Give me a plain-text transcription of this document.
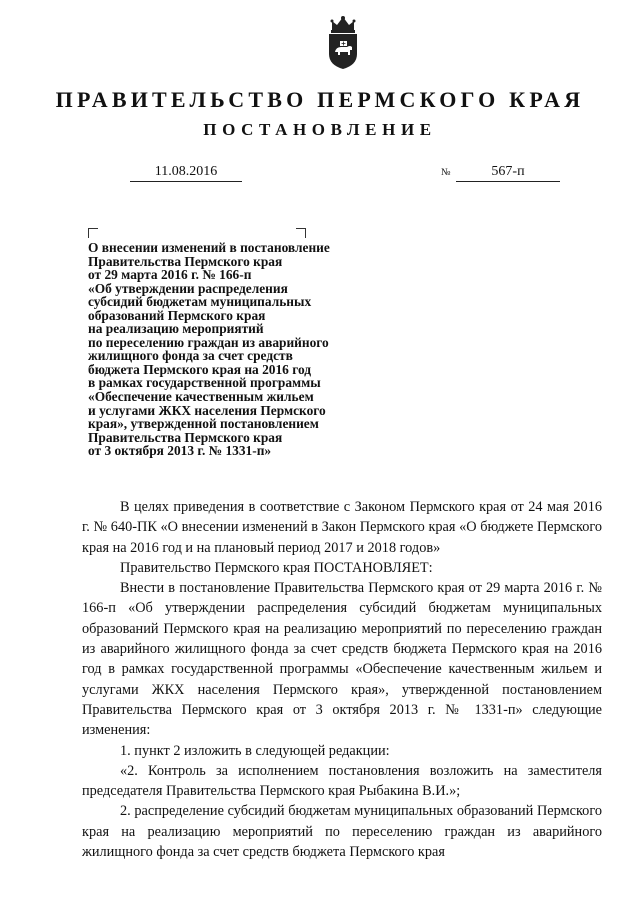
ПРАВИТЕЛЬСТВО ПЕРМСКОГО КРАЯ
ПОСТАНОВЛЕНИЕ
11.08.2016	№	567-п
О внесении изменений в постановление
Правительства Пермского края
от 29 марта 2016 г. № 166-п
«Об утверждении распределения
субсидий бюджетам муниципальных
образований Пермского края
на реализацию мероприятий
по переселению граждан из аварийного
жилищного фонда за счет средств
бюджета Пермского края на 2016 год
в рамках государственной программы
«Обеспечение качественным жильем
и услугами ЖКХ населения Пермского
края», утвержденной постановлением
Правительства Пермского края
от 3 октября 2013 г. № 1331-п»

В целях приведения в соответствие с Законом Пермского края от 24 мая 2016 г. № 640-ПК «О внесении изменений в Закон Пермского края «О бюджете Пермского края на 2016 год и на плановый период 2017 и 2018 годов»

Правительство Пермского края ПОСТАНОВЛЯЕТ:

Внести в постановление Правительства Пермского края от 29 марта 2016 г. № 166-п «Об утверждении распределения субсидий бюджетам муниципальных образований Пермского края на реализацию мероприятий по переселению граждан из аварийного жилищного фонда за счет средств бюджета Пермского края на 2016 год в рамках государственной программы «Обеспечение качественным жильем и услугами ЖКХ населения Пермского края», утвержденной постановлением Правительства Пермского края от 3 октября 2013 г. № 1331-п» следующие изменения:

1. пункт 2 изложить в следующей редакции:

«2. Контроль за исполнением постановления возложить на заместителя председателя Правительства Пермского края Рыбакина В.И.»;

2. распределение субсидий бюджетам муниципальных образований Пермского края на реализацию мероприятий по переселению граждан из аварийного жилищного фонда за счет средств бюджета Пермского края
